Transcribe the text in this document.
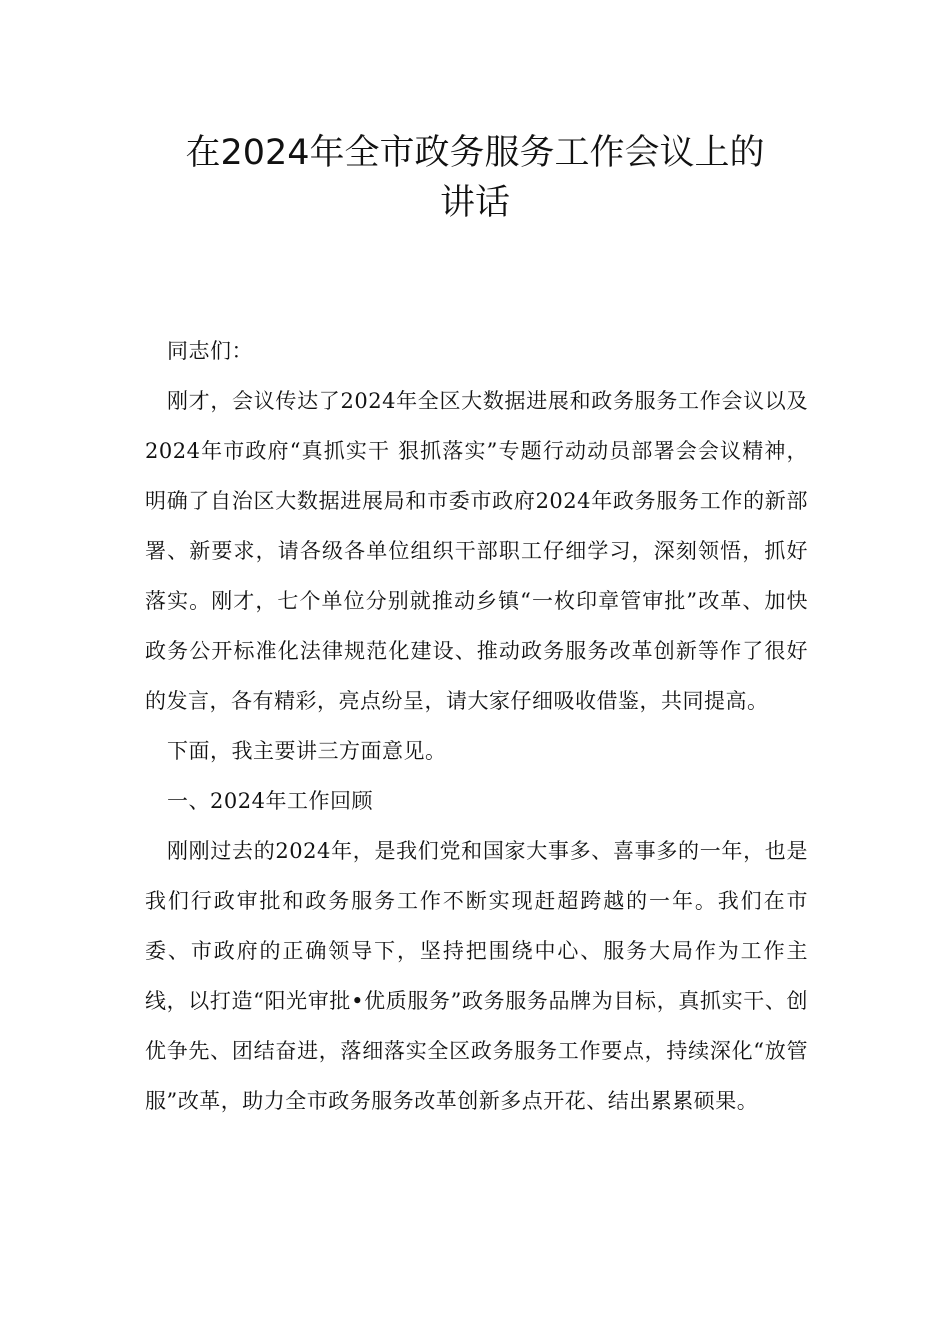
在2024年全市政务服务工作会议上的
讲话

同志们：

刚才，会议传达了2024年全区大数据进展和政务服务工作会议以及2024年市政府“真抓实干 狠抓落实”专题行动动员部署会会议精神，明确了自治区大数据进展局和市委市政府2024年政务服务工作的新部署、新要求，请各级各单位组织干部职工仔细学习，深刻领悟，抓好落实。刚才，七个单位分别就推动乡镇“一枚印章管审批”改革、加快政务公开标准化法律规范化建设、推动政务服务改革创新等作了很好的发言，各有精彩，亮点纷呈，请大家仔细吸收借鉴，共同提高。

下面，我主要讲三方面意见。

一、2024年工作回顾

刚刚过去的2024年，是我们党和国家大事多、喜事多的一年，也是我们行政审批和政务服务工作不断实现赶超跨越的一年。我们在市委、市政府的正确领导下，坚持把围绕中心、服务大局作为工作主线，以打造“阳光审批•优质服务”政务服务品牌为目标，真抓实干、创优争先、团结奋进，落细落实全区政务服务工作要点，持续深化“放管服”改革，助力全市政务服务改革创新多点开花、结出累累硕果。
